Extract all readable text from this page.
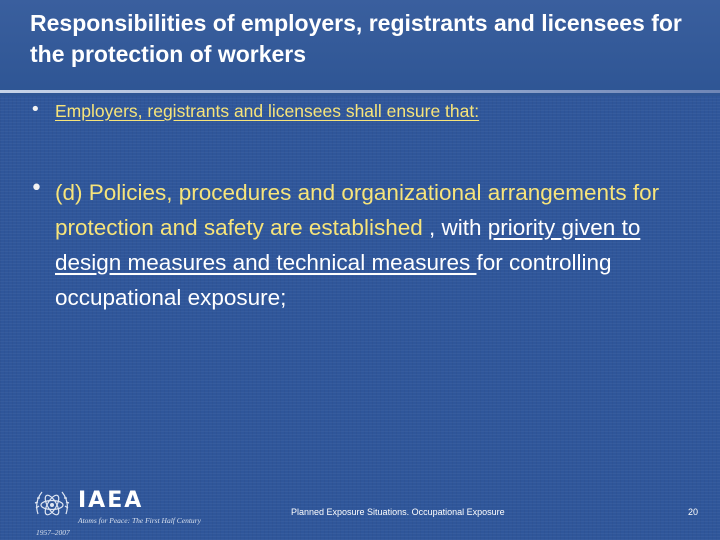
Responsibilities of employers, registrants and licensees for the protection of workers
• Employers, registrants and licensees shall ensure that:
• (d) Policies, procedures and organizational arrangements for protection and safety are established , with priority given to design measures and technical measures for controlling occupational exposure;
IAEA
Atoms for Peace: The First Half Century
1957–2007
Planned Exposure Situations. Occupational Exposure	20
